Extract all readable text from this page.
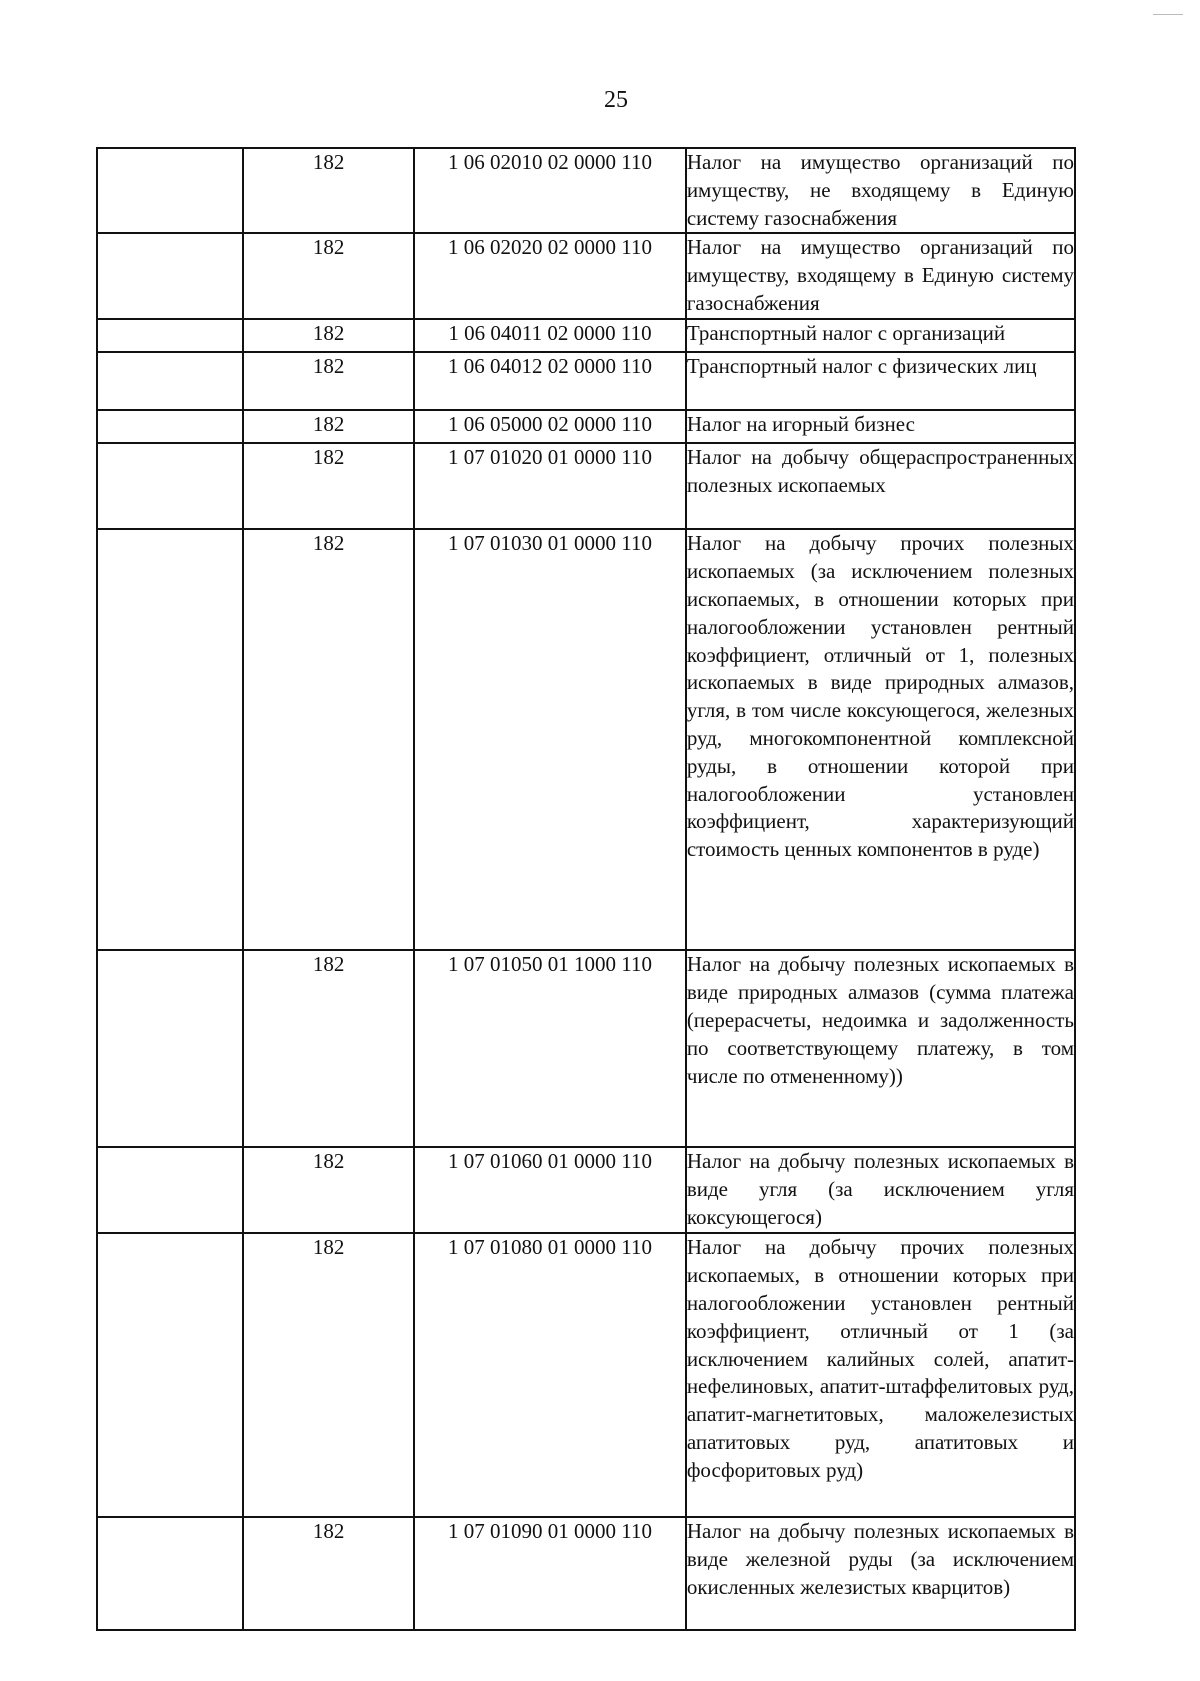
25
	182	1 06 02010 02 0000 110	Налог на имущество организаций по имуществу, не входящему в Единую систему газоснабжения
	182	1 06 02020 02 0000 110	Налог на имущество организаций по имуществу, входящему в Единую систему газоснабжения
	182	1 06 04011 02 0000 110	Транспортный налог с организаций
	182	1 06 04012 02 0000 110	Транспортный налог с физических лиц
	182	1 06 05000 02 0000 110	Налог на игорный бизнес
	182	1 07 01020 01 0000 110	Налог на добычу общераспространенных полезных ископаемых
	182	1 07 01030 01 0000 110	Налог на добычу прочих полезных ископаемых (за исключением полезных ископаемых, в отношении которых при налогообложении установлен рентный коэффициент, отличный от 1, полезных ископаемых в виде природных алмазов, угля, в том числе коксующегося, железных руд, многокомпонентной комплексной руды, в отношении которой при налогообложении установлен коэффициент, характеризующий стоимость ценных компонентов в руде)
	182	1 07 01050 01 1000 110	Налог на добычу полезных ископаемых в виде природных алмазов (сумма платежа (перерасчеты, недоимка и задолженность по соответствующему платежу, в том числе по отмененному))
	182	1 07 01060 01 0000 110	Налог на добычу полезных ископаемых в виде угля (за исключением угля коксующегося)
	182	1 07 01080 01 0000 110	Налог на добычу прочих полезных ископаемых, в отношении которых при налогообложении установлен рентный коэффициент, отличный от 1 (за исключением калийных солей, апатит-нефелиновых, апатит-штаффелитовых руд, апатит-магнетитовых, маложелезистых апатитовых руд, апатитовых и фосфоритовых руд)
	182	1 07 01090 01 0000 110	Налог на добычу полезных ископаемых в виде железной руды (за исключением окисленных железистых кварцитов)
